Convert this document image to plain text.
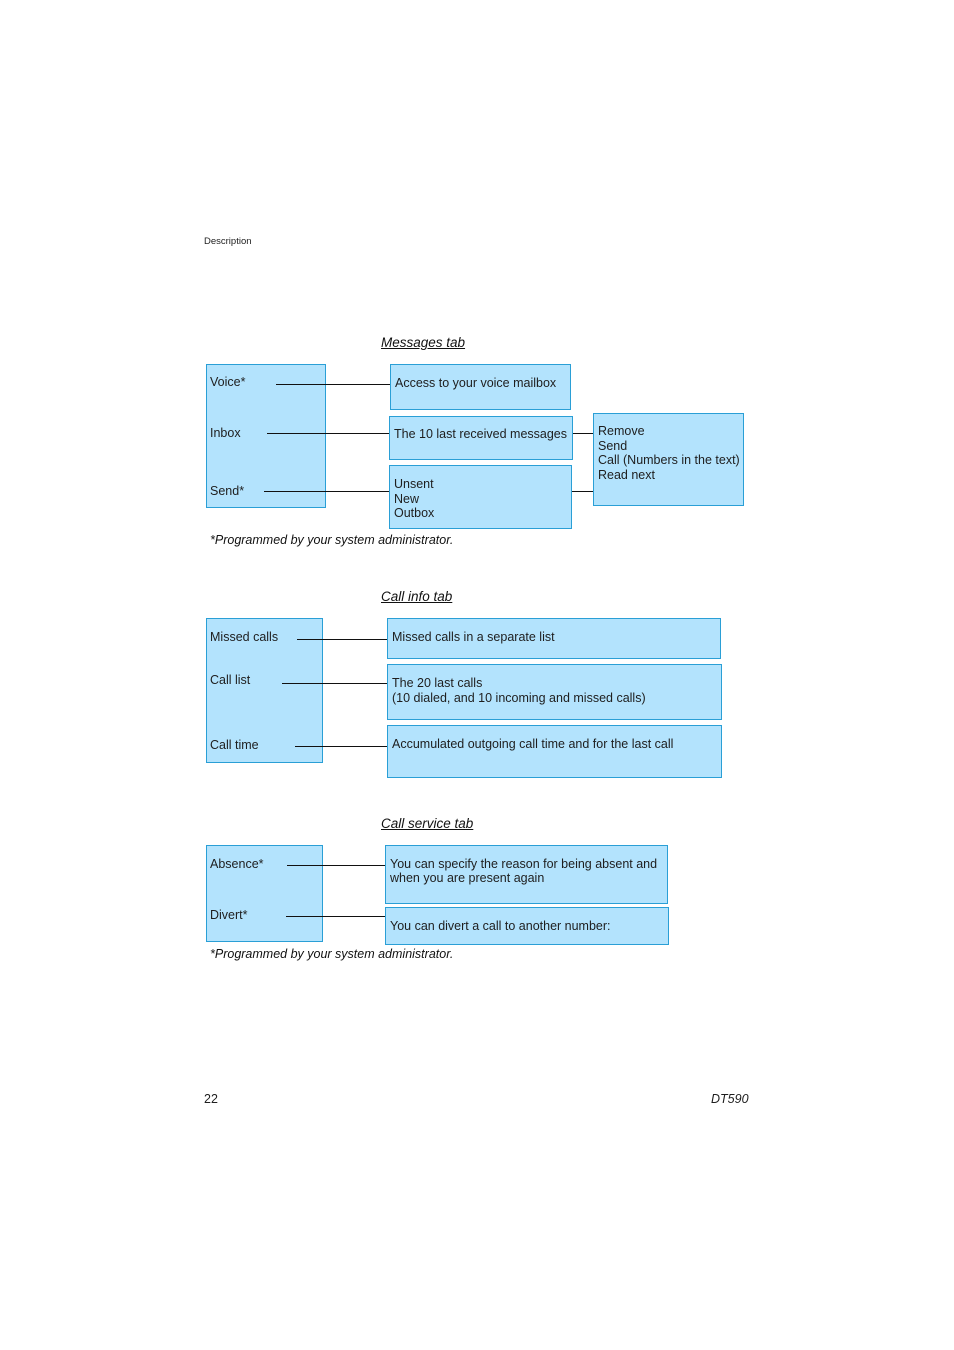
Description
Messages tab
Voice*
Inbox
Send*
Access to your voice mailbox
The 10 last received messages
Unsent
New
Outbox
Remove
Send
Call (Numbers in the text)
Read next
*Programmed by your system administrator.
Call info tab
Missed calls
Call list
Call time
Missed calls in a separate list
The 20 last calls
(10 dialed, and 10 incoming and missed calls)
Accumulated outgoing call time and for the last call
Call service tab
Absence*
Divert*
You can specify the reason for being absent and
when you are present again
You can divert a call to another number:
*Programmed by your system administrator.
22	DT590
